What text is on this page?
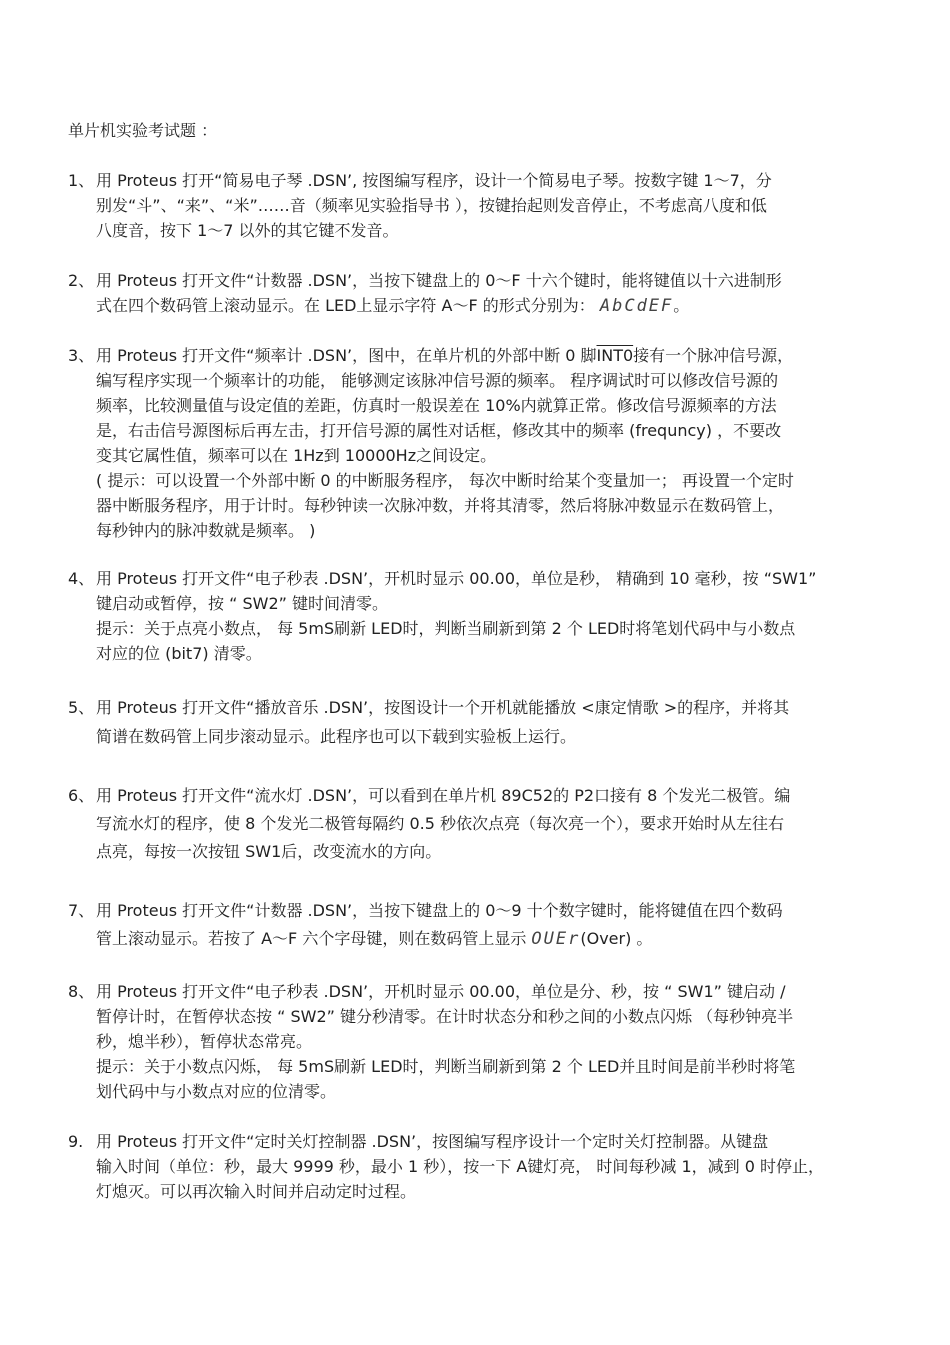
单片机实验考试题 ：
1、 用 Proteus 打开“简易电子琴 .DSN’, 按图编写程序，设计一个简易电子琴。按数字键 1～7，分
别发“斗”、“来”、“米”……音（频率见实验指导书 ），按键抬起则发音停止，不考虑高八度和低
八度音，按下 1～7 以外的其它键不发音。
2、 用 Proteus 打开文件“计数器 .DSN’，当按下键盘上的 0～F 十六个键时，能将键值以十六进制形
式在四个数码管上滚动显示。在 LED上显示字符 A～F 的形式分别为： AbCdEF。
3、 用 Proteus 打开文件“频率计 .DSN’，图中，在单片机的外部中断 0 脚INT0接有一个脉冲信号源，
编写程序实现一个频率计的功能， 能够测定该脉冲信号源的频率。 程序调试时可以修改信号源的
频率，比较测量值与设定值的差距，仿真时一般误差在 10%内就算正常。修改信号源频率的方法
是，右击信号源图标后再左击，打开信号源的属性对话框，修改其中的频率 (frequncy) ，不要改
变其它属性值，频率可以在 1Hz到 10000Hz之间设定。
( 提示：可以设置一个外部中断 0 的中断服务程序， 每次中断时给某个变量加一； 再设置一个定时
器中断服务程序，用于计时。每秒钟读一次脉冲数，并将其清零，然后将脉冲数显示在数码管上，
每秒钟内的脉冲数就是频率。 )
4、 用 Proteus 打开文件“电子秒表 .DSN’，开机时显示 00.00，单位是秒， 精确到 10 毫秒，按 “SW1”
键启动或暂停，按 “ SW2” 键时间清零。
提示：关于点亮小数点， 每 5mS刷新 LED时，判断当刷新到第 2 个 LED时将笔划代码中与小数点
对应的位 (bit7) 清零。
5、 用 Proteus 打开文件“播放音乐 .DSN’，按图设计一个开机就能播放 <康定情歌 >的程序，并将其
简谱在数码管上同步滚动显示。此程序也可以下载到实验板上运行。
6、 用 Proteus 打开文件“流水灯 .DSN’，可以看到在单片机 89C52的 P2口接有 8 个发光二极管。编
写流水灯的程序，使 8 个发光二极管每隔约 0.5 秒依次点亮（每次亮一个），要求开始时从左往右
点亮，每按一次按钮 SW1后，改变流水的方向。
7、 用 Proteus 打开文件“计数器 .DSN’，当按下键盘上的 0～9 十个数字键时，能将键值在四个数码
管上滚动显示。若按了 A～F 六个字母键，则在数码管上显示 OUEr(Over) 。
8、 用 Proteus 打开文件“电子秒表 .DSN’，开机时显示 00.00，单位是分、秒，按 “ SW1” 键启动 /
暂停计时，在暂停状态按 “ SW2” 键分秒清零。在计时状态分和秒之间的小数点闪烁 （每秒钟亮半
秒，熄半秒），暂停状态常亮。
提示：关于小数点闪烁， 每 5mS刷新 LED时，判断当刷新到第 2 个 LED并且时间是前半秒时将笔
划代码中与小数点对应的位清零。
9. 用 Proteus 打开文件“定时关灯控制器 .DSN’，按图编写程序设计一个定时关灯控制器。从键盘
输入时间（单位：秒，最大 9999 秒，最小 1 秒），按一下 A键灯亮， 时间每秒减 1，减到 0 时停止，
灯熄灭。可以再次输入时间并启动定时过程。
